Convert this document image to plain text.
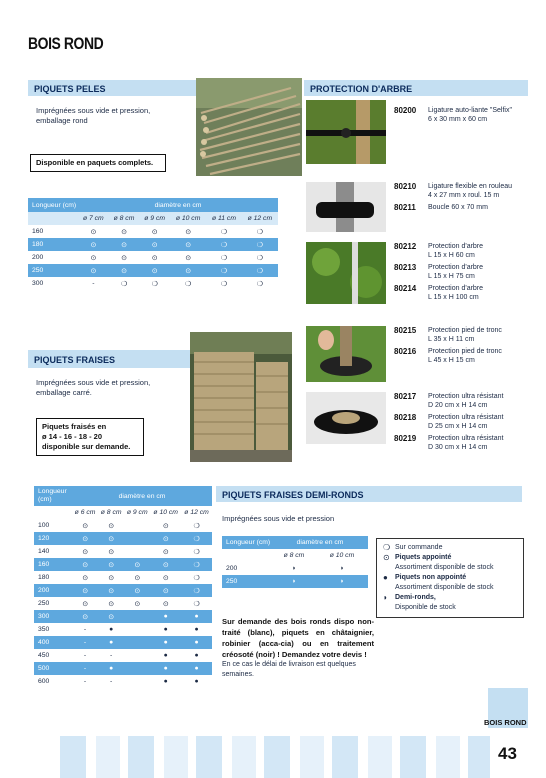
BOIS ROND
PIQUETS PELES
Imprégnées sous vide et pression, emballage rond
Disponible en paquets complets.
Longueur (cm)	diamètre en cm					
	ø 7 cm	ø 8 cm	ø 9 cm	ø 10 cm	ø 11 cm	ø 12 cm
160	⊙	⊙	⊙	⊙	❍	❍
180	⊙	⊙	⊙	⊙	❍	❍
200	⊙	⊙	⊙	⊙	❍	❍
250	⊙	⊙	⊙	⊙	❍	❍
300	-	❍	❍	❍	❍	❍
PIQUETS FRAISES
Imprégnées sous vide et pression, emballage carré.
Piquets fraisés en
ø 14 - 16 - 18 - 20
disponible sur demande.
Longueur (cm)	diamètre en cm				
	ø 6 cm	ø 8 cm	ø 9 cm	ø 10 cm	ø 12 cm
100	⊙	⊙		⊙	❍
120	⊙	⊙		⊙	❍
140	⊙	⊙		⊙	❍
160	⊙	⊙	⊙	⊙	❍
180	⊙	⊙	⊙	⊙	❍
200	⊙	⊙	⊙	⊙	❍
250	⊙	⊙	⊙	⊙	❍
300	⊙	⊙		●	●
350	-	●		●	●
400	-	●		●	●
450	-	-		●	●
500	-	●		●	●
600	-	-		●	●
PIQUETS FRAISES DEMI-RONDS
Imprégnées sous vide et pression
Longueur (cm)	diamètre en cm	
	ø 8 cm	ø 10 cm
200	◗	◗
250	◗	◗
❍ Sur commande
⊙ Piquets appointé
Assortiment disponible de stock
●	Piquets non appointé
Assortiment disponible de stock
◗	Demi-ronds,
Disponible de stock
Sur demande des bois ronds dispo non-traité (blanc), piquets en châtaignier, robinier (acca-cia) ou en traitement créosoté (noir) ! Demandez votre devis !
En ce cas le délai de livraison est quelques semaines.
PROTECTION D'ARBRE
80200	Ligature auto-liante "Selfix"
6 x 30 mm x 60 cm
80210	Ligature flexible en rouleau
4 x 27 mm x roul. 15 m
80211	Boucle 60 x 70 mm
80212	Protection d'arbre
L 15 x H 60 cm
80213	Protection d'arbre
L 15 x H 75 cm
80214	Protection d'arbre
L 15 x H 100 cm
80215	Protection pied de tronc
L 35 x H 11 cm
80216	Protection pied de tronc
L 45 x H 15 cm
80217	Protection ultra résistant
D 20 cm x H 14 cm
80218	Protection ultra résistant
D 25 cm x H 14 cm
80219	Protection ultra résistant
D 30 cm x H 14 cm
BOIS ROND
43
